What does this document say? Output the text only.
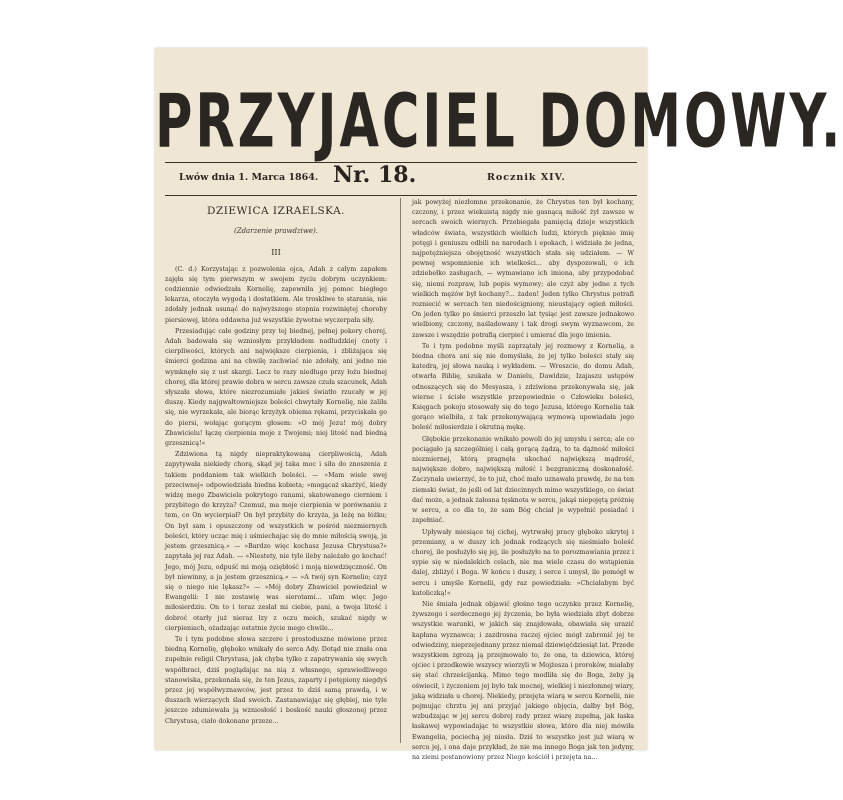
PRZYJACIEL DOMOWY.
Lwów dnia 1. Marca 1864. Nr. 18.	Rocznik XIV.
DZIEWICA IZRAELSKA.
(Zdarzenie prawdziwe).
III

(C. d.) Korzystając z pozwolenia ojca, Adah z całym zapałem zajęła się tym pierwszym w swojem życiu dobrym uczynkiem: codziennie odwiedzała Kornelię, zapewniła jej pomoc biegłego lekarza, otoczyła wygodą i dostatkiem. Ale troskliwe te starania, nie zdołały jednak usunąć do najwyższego stopnia rozwiniętej choroby piersiowej, która oddawna już wszystkie żywotne wyczerpała siły.

Przesiadując całe godziny przy tej biednej, pełnej pokory chorej, Adah badowała się wzniosłym przykładem nadludzkiej cnoty i cierpliwości, których ani największe cierpienia, i zbliżająca się śmierci godzina ani na chwilę zachwiać nie zdołały, ani jedno nie wymknęło się z ust skargi. Lecz te razy niedługo przy łożu biednej chorej, dla której prawie dobra w sercu zawsze czuła szacunek, Adah słyszała słowa, które niezrozumiałe jakieś światło rzucały w jej duszę. Kiedy najgwałtowniejsze boleści chwytały Kornelię, nie żaliła się, nie wyrzekała, ale biorąc krzyżyk obiema rękami, przyciskała go do piersi, wołając gorącym głosem: »O mój Jezu! mój dobry Zbawicielu! łączę cierpienia moje z Twojemi; niej litość nad biedną grzesznicą!«

Zdziwiona tą nigdy niepraktykowaną cierpliwością, Adah zapytywała niekiedy chorą, skąd jej taka moc i siła do znoszenia z takiem poddaniem tak wielkich boleści. — »Mam wiele swej przeciwnej« odpowiedziała biedna kobieta; »mogącaż skarżyć, kiedy widzę mego Zbawiciela pokrytego ranami, skatowanego cierniem i przybitego do krzyża? Czemuż, ma moje cierpienia w porównaniu z tem, co On wycierpiał? On był przybity do krzyża, ja leżę na łóżku; On był sam i opuszczony od wszystkich w pośród niezmiernych boleści, który ucząc mię i uśmiechając się do mnie miłością swoją, ja jestem grzesznicą.« — »Bardzo więc kochasz Jezusa Chrystusa?« zapytała jej raz Adah. — »Niestety, nie tyle ileby należało go kochać! Jego, mój Jezu, odpuść mi moją oziębłość i moją niewdzięczność. On był niewinny, a ja jestem grzesznicą.« — »A twój syn Kornelio; czyż się o niego nie lękasz?« — »Mój dobry Zbawiciel powiedział w Ewangelii: I nie zostawię was sierotami... ufam więc Jego miłosierdziu. On to i teraz zesłał mi ciebie, pani, a twoja litość i dobroć otarły już nieraz łzy z oczu moich, szukać nigdy w cierpieniach, ożadzając ostatnie życie mego chwile...

Te i tym podobne słowa szczere i prostoduszne mówione przez biedną Kornelię, głęboko wnikały do serca Ady. Dotąd nie znała ona zupełnie religii Chrystusa, jak chyba tylko z zapatrywania się swych współbraci, dziś poglądając na nią z własnego, sprawiedliwego stanowiska, przekonała się, że ten Jezus, zaparty i potępiony niegdyś przez jej współwyznawców, jest przez to dziś samą prawdą, i w duszach wierzących ślad swoich. Zastanawiając się głębiej, nie tyle jeszcze zdumiewała ją wzniosłość i boskość nauki głoszonej przez Chrystusa, ciało dokonane przeze...

jak powyżej niezłomne przekonanie, że Chrystus ten był kochany, czczony, i przez wiekuistą nigdy nie gasnącą miłość żył zawsze w sercach swoich wiernych. Przebiegała pamięcią dzieje wszystkich władców świata, wszystkich wielkich ludzi, których pięknie imię potęgi i geniuszu odbili na narodach i epokach, i widziała że jedna, najpotężniejsza obojętność wszystkich stała się udziałem. — W pewnej wspomnienie ich wielkości... aby dyspozowali, o ich zdziebełko zasługach, — wymawiano ich imiona, aby przypodobać się, niemi rozpraw, lub popis wymowy; ale czyż aby jedne z tych wielkich mężów był kochany?... żaden! Jeden tylko Chrystus potrafi rozniecić w sercach ten niedościgniony, nieustający ogień miłości. On jeden tylko po śmierci przeszło lat tysiąc jest zawsze jednakowo wielbiony, czczony, naśladowany i tak drogi swym wyznawcom, że zawsze i wszędzie potrafią cierpieć i umierać dla jego imienia.

Te i tym podobne myśli zaprzątały jej rozmowy z Kornelią, a biedna chora ani się nie domyślała, że jej tylko boleści stały się katedrą, jej słowa nauką i wykładem. — Wreszcie, do domu Adah, otwarła Biblię, szukała w Danielu, Dawidzie, Izajaszu ustępów odnoszących się do Mesyasza, i zdziwiona przekonywała się, jak wierne i ścisłe wszystkie przepowiednie o Człowieku boleści, Księgach pokoju stosowały się do tego Jezusa, którego Kornelia tak gorąco wielbiła, z tak przekonywającą wymową upowiadała jego boleść miłosierdzie i okrutną mękę.

Głębokie przekonanie wnikało powoli do jej umysłu i serca; ale co pociągało ją szczególniej i całą gorącą żądzą, to ta dążność miłości niezmiernej, którą pragnęła ukochać największą mądrość, największe dobro, największą miłość i bezgraniczną doskonałość. Zaczynała uwierzyć, że to już, choć mało uznawała prawdę, że na ten ziemski świat, że jeśli od lat dziecinnych mimo wszystkiego, co świat dać może, a jednak żałosna tęsknota w sercu, jakąś niepojętą próżnię w sercu, a co dla to, że sam Bóg chciał je wypełnić posiadać i zapełniać.

Upływały miesiące tej cichej, wytrwałej pracy głęboko ukrytej i przemiany, a w duszy ich jednak rodzących się nieśmiało boleść chorej, ile posłużyło się jej, ile posłużyło na to porozmawiania przez i sypie się w niedalekich celach, nie ma wiele czasu do wstąpienia dalej, zbliżyć i Boga. W końcu i duszy, i serce i umysł, ile pomógł w sercu i umyśle Kornelii, gdy raz powiedziała: »Chciałabym być katoliczką!«

Nie śmiała jednak objawić głośno tego uczynku przez Kornelię, żywszego i serdecznego jej życzenia, bo była wiedziała zbyt dobrze wszystkie warunki, w jakich się znajdowała, obawiała się urazić kapłana wyznawca; i zazdrosna raczej ojciec mógł zabronić jej te odwiedziny, nieprzejednany przez niemal dziewięćdziesiąt lat. Przede wszystkiem zgrozą ją przejmowało to, że ona, ta dziewica, której ojciec i przodkowie wszyscy wierzyli w Mojżesza i proroków, miałaby się stać chrześcijanką. Mimo tego modliła się do Boga, żeby ją oświecił, i życzeniem jej było tak mocnej, wielkiej i niezłomnej wiary, jaką widziała u chorej. Niekiedy, przejęta wiarą w sercu Kornelii, nie pojmując chrztu jej ani przyjąć jakiego objęcia, dałby był Bóg, wzbudzając w jej sercu dobrej rady przez wiarę zupełną, jak łaska łaskawej wypowiadając te wszystkie słowa, które dla niej mówiła Ewangelia, pociechą jej niosła. Dziś to wszystko jest już wiarą w sercu jej, i ona daje przykład, że nie ma innego Boga jak ten jedyny, na ziemi postanowiony przez Niego kościół i przejęta na...
